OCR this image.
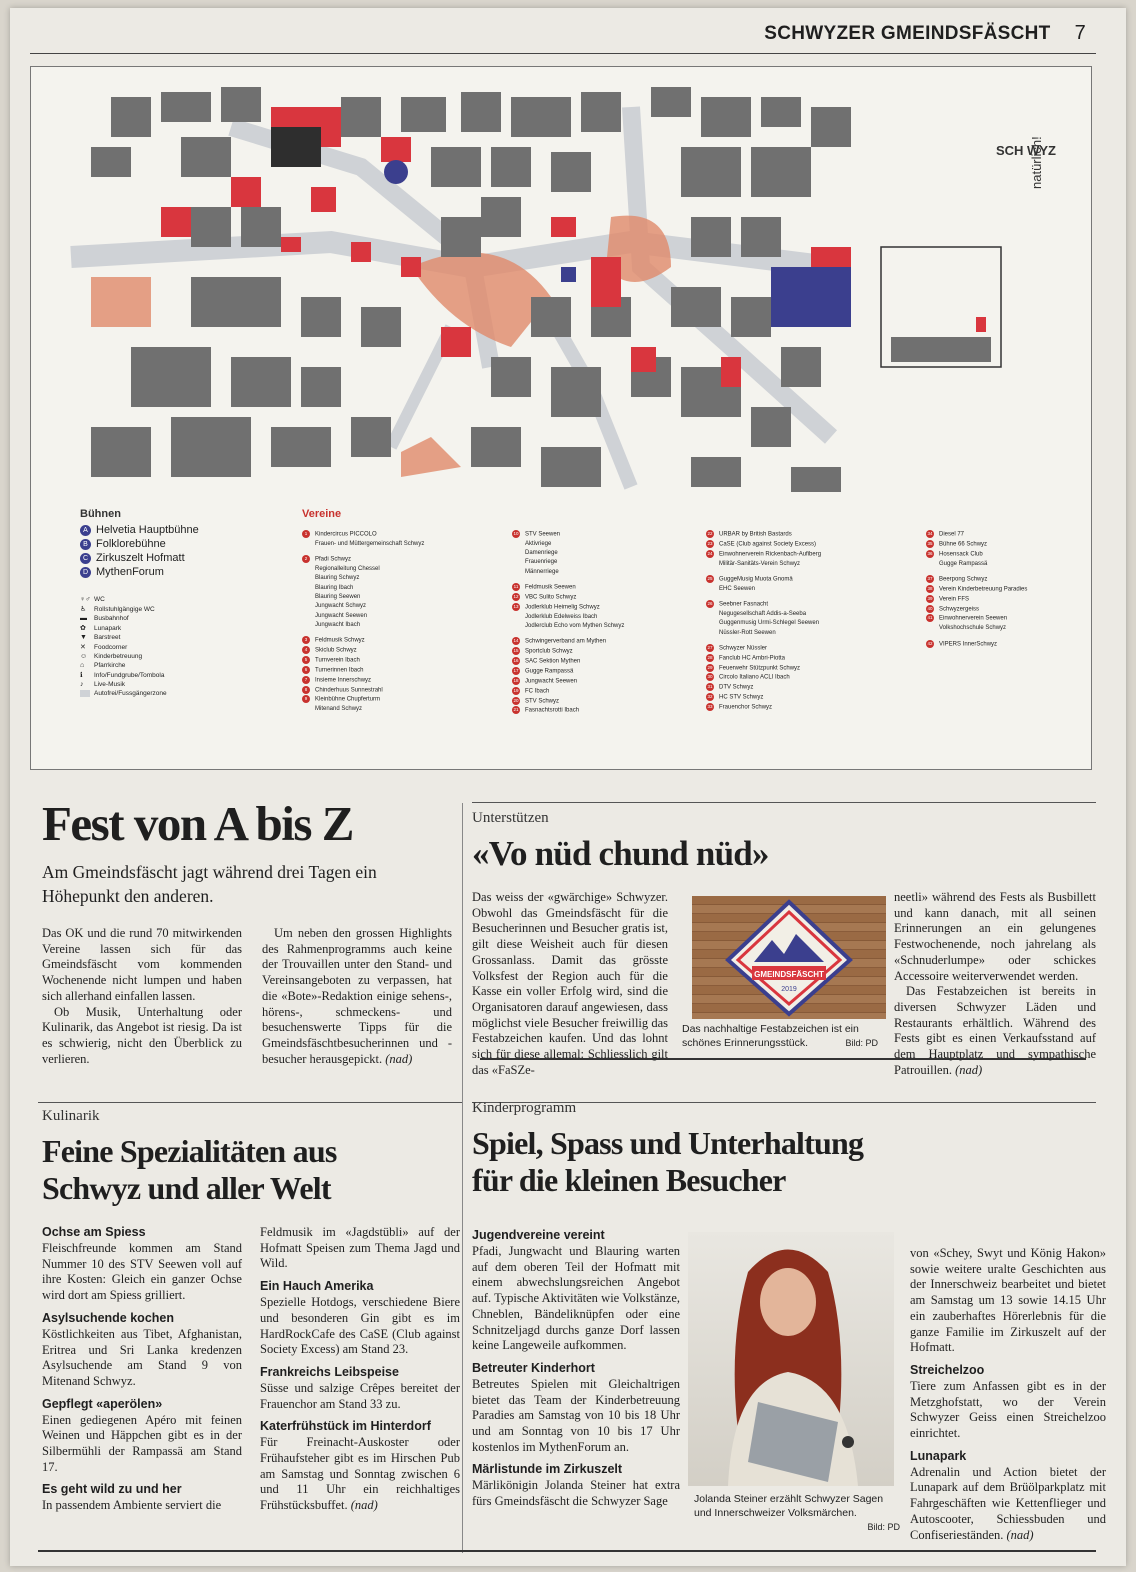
SCHWYZER GMEINDSFÄSCHT 7
SCH WYZ
natürlich!
Bühnen
A Helvetia Hauptbühne
B Folklorebühne
C Zirkuszelt Hofmatt
D MythenForum
♀♂ WC
♿	Rollstuhlgängige WC
▬	Busbahnhof
✿	Lunapark
▼	Barstreet
✕	Foodcorner
☺	Kinderbetreuung
⌂	Pfarrkirche
ℹ	Info/Fundgrube/Tombola
♪	Live-Musik
Autofrei/Fussgängerzone
Vereine
1 Kindercircus PICCOLO
Frauen- und Müttergemeinschaft Schwyz
2 Pfadi Schwyz
Regionalleitung Chessel
Blauring Schwyz
Blauring Ibach
Blauring Seewen
Jungwacht Schwyz
Jungwacht Seewen
Jungwacht Ibach
3 Feldmusik Schwyz
4 Skiclub Schwyz
5 Turnverein Ibach
6 Turnerinnen Ibach
7 Insieme Innerschwyz
8 Chinderhuus Sunnestrahl
9 Kleinbühne Chupferturm
Mitenand Schwyz
10 STV Seewen
Aktivriege
Damenriege
Frauenriege
Männerriege
11 Feldmusik Seewen
12 VBC Sulito Schwyz
13 Jodlerklub Heimelig Schwyz
Jodlerklub Edelweiss Ibach
Jodlerclub Echo vom Mythen Schwyz
14 Schwingerverband am Mythen
15 Sportclub Schwyz
16 SAC Sektion Mythen
17 Gugge Rampassä
18 Jungwacht Seewen
19 FC Ibach
20 STV Schwyz
21 Fasnachtsrotti Ibach
22 URBAR by British Bastards
23 CaSE (Club against Society Excess)
24 Einwohnerverein Rickenbach-Aufiberg
Militär-Sanitäts-Verein Schwyz
25 GuggeMusig Muota Gnomä
EHC Seewen
26 Seebner Fasnacht
Negugesellschaft Addis-a-Seeba
Guggenmusig Urmi-Schlegel Seewen
Nüssler-Rott Seewen
27 Schwyzer Nüssler
28 Fanclub HC Ambri-Piotta
29 Feuerwehr Stützpunkt Schwyz
30 Circolo Italiano ACLI Ibach
31 DTV Schwyz
32 HC STV Schwyz
33 Frauenchor Schwyz
34 Diesel 77
35 Bühne 66 Schwyz
36 Hosensack Club
Gugge Rampassä
37 Beerpong Schwyz
38 Verein Kinderbetreuung Paradies
39 Verein FFS
40 Schwyzergeiss
41 Einwohnerverein Seewen
Volkshochschule Schwyz
42 VIPERS InnerSchwyz
Fest von A bis Z
Am Gmeindsfäscht jagt während drei Tagen ein Höhepunkt den anderen.
Das OK und die rund 70 mitwirkenden Vereine lassen sich für das Gmeindsfäscht vom kommenden Wochenende nicht lumpen und haben sich allerhand einfallen lassen.
Ob Musik, Unterhaltung oder Kulinarik, das Angebot ist riesig. Da ist es schwierig, nicht den Überblick zu verlieren.
Um neben den grossen Highlights des Rahmenprogramms auch keine der Trouvaillen unter den Stand- und Vereinsangeboten zu verpassen, hat die «Bote»-Redaktion einige sehens-, hörens-, schmeckens- und besuchenswerte Tipps für die Gmeindsfäschtbesucherinnen und -besucher herausgepickt. (nad)
Unterstützen
«Vo nüd chund nüd»
Das weiss der «gwärchige» Schwyzer. Obwohl das Gmeindsfäscht für die Besucherinnen und Besucher gratis ist, gilt diese Weisheit auch für diesen Grossanlass. Damit das grösste Volksfest der Region auch für die Kasse ein voller Erfolg wird, sind die Organisatoren darauf angewiesen, dass möglichst viele Besucher freiwillig das Festabzeichen kaufen. Und das lohnt sich für diese allemal: Schliesslich gilt das «FaSZe-
Das nachhaltige Festabzeichen ist ein schönes Erinnerungsstück.	Bild: PD
neetli» während des Fests als Busbillett und kann danach, mit all seinen Erinnerungen an ein gelungenes Festwochenende, noch jahrelang als «Schnuderlumpe» oder schickes Accessoire weiterverwendet werden.
Das Festabzeichen ist bereits in diversen Schwyzer Läden und Restaurants erhältlich. Während des Fests gibt es einen Verkaufsstand auf dem Hauptplatz und sympathische Patrouillen. (nad)
GMEINDSFÄSCHT
2019
Kulinarik
Feine Spezialitäten aus
Schwyz und aller Welt
Ochse am Spiess
Fleischfreunde kommen am Stand Nummer 10 des STV Seewen voll auf ihre Kosten: Gleich ein ganzer Ochse wird dort am Spiess grilliert.
Asylsuchende kochen
Köstlichkeiten aus Tibet, Afghanistan, Eritrea und Sri Lanka kredenzen Asylsuchende am Stand 9 von Mitenand Schwyz.
Gepflegt «aperölen»
Einen gediegenen Apéro mit feinen Weinen und Häppchen gibt es in der Silbermühli der Rampassä am Stand 17.
Es geht wild zu und her
In passendem Ambiente serviert die
Feldmusik im «Jagdstübli» auf der Hofmatt Speisen zum Thema Jagd und Wild.
Ein Hauch Amerika
Spezielle Hotdogs, verschiedene Biere und besonderen Gin gibt es im HardRockCafe des CaSE (Club against Society Excess) am Stand 23.
Frankreichs Leibspeise
Süsse und salzige Crêpes bereitet der Frauenchor am Stand 33 zu.
Katerfrühstück im Hinterdorf
Für Freinacht-Auskoster oder Frühaufsteher gibt es im Hirschen Pub am Samstag und Sonntag zwischen 6 und 11 Uhr ein reichhaltiges Frühstücksbuffet. (nad)
Kinderprogramm
Spiel, Spass und Unterhaltung
für die kleinen Besucher
Jugendvereine vereint
Pfadi, Jungwacht und Blauring warten auf dem oberen Teil der Hofmatt mit einem abwechslungsreichen Angebot auf. Typische Aktivitäten wie Volkstänze, Chneblen, Bändeliknüpfen oder eine Schnitzeljagd durchs ganze Dorf lassen keine Langeweile aufkommen.
Betreuter Kinderhort
Betreutes Spielen mit Gleichaltrigen bietet das Team der Kinderbetreuung Paradies am Samstag von 10 bis 18 Uhr und am Sonntag von 10 bis 17 Uhr kostenlos im MythenForum an.
Märlistunde im Zirkuszelt
Märlikönigin Jolanda Steiner hat extra fürs Gmeindsfäscht die Schwyzer Sage	Jolanda Steiner erzählt Schwyzer Sagen und Innerschweizer Volksmärchen.

Bild: PD
von «Schey, Swyt und König Hakon» sowie weitere uralte Geschichten aus der Innerschweiz bearbeitet und bietet am Samstag um 13 sowie 14.15 Uhr ein zauberhaftes Hörerlebnis für die ganze Familie im Zirkuszelt auf der Hofmatt.
Streichelzoo
Tiere zum Anfassen gibt es in der Metzghofstatt, wo der Verein Schwyzer Geiss einen Streichelzoo einrichtet.
Lunapark
Adrenalin und Action bietet der Lunapark auf dem Brüölparkplatz mit Fahrgeschäften wie Kettenflieger und Autoscooter, Schiessbuden und Confiserieständen. (nad)
